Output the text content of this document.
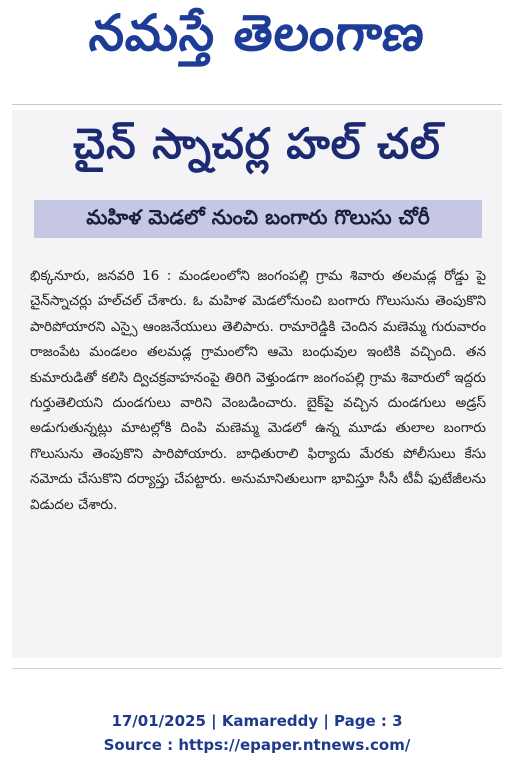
నమస్తే తెలంగాణ
చైన్ స్నాచర్ల హల్ చల్
మహిళ మెడలో నుంచి బంగారు గొలుసు చోరీ
భిక్కనూరు, జనవరి 16 : మండలంలోని జంగంపల్లి గ్రామ శివారు తలమడ్ల రోడ్డు పై చైన్‌స్నాచర్లు హల్‌చల్ చేశారు. ఓ మహిళ మెడలోనుంచి బంగారు గొలుసును తెంపుకొని పారిపోయారని ఎస్సై ఆంజనేయులు తెలిపారు. రామారెడ్డికి చెందిన మణెమ్మ గురువారం రాజంపేట మండలం తలమడ్ల గ్రామంలోని ఆమె బంధువుల ఇంటికి వచ్చింది. తన కుమారుడితో కలిసి ద్విచక్రవాహనంపై తిరిగి వెళ్తుండగా జంగంపల్లి గ్రామ శివారులో ఇద్దరు గుర్తుతెలియని దుండగులు వారిని వెంబడించారు. బైక్‌పై వచ్చిన దుండగులు అడ్రస్ అడుగుతున్నట్లు మాటల్లోకి దింపి మణెమ్మ మెడలో ఉన్న మూడు తులాల బంగారు గొలుసును తెంపుకొని పారిపోయారు. బాధితురాలి ఫిర్యాదు మేరకు పోలీసులు కేసు నమోదు చేసుకొని దర్యాప్తు చేపట్టారు. అనుమానితులుగా భావిస్తూ సీసీ టీవీ ఫుటేజీలను విడుదల చేశారు.
17/01/2025 | Kamareddy | Page : 3
Source : https://epaper.ntnews.com/
